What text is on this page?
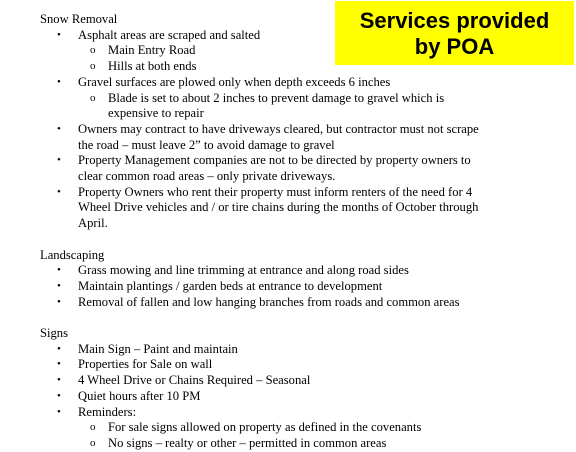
Services provided
by POA
Snow Removal
• Asphalt areas are scraped and salted
o Main Entry Road
o Hills at both ends
• Gravel surfaces are plowed only when depth exceeds 6 inches
o Blade is set to about 2 inches to prevent damage to gravel which is
expensive to repair
• Owners may contract to have driveways cleared, but contractor must not scrape
the road – must leave 2” to avoid damage to gravel
• Property Management companies are not to be directed by property owners to
clear common road areas – only private driveways.
• Property Owners who rent their property must inform renters of the need for 4
Wheel Drive vehicles and / or tire chains during the months of October through
April.
Landscaping
• Grass mowing and line trimming at entrance and along road sides
• Maintain plantings / garden beds at entrance to development
• Removal of fallen and low hanging branches from roads and common areas
Signs
• Main Sign – Paint and maintain
• Properties for Sale on wall
• 4 Wheel Drive or Chains Required – Seasonal
• Quiet hours after 10 PM
• Reminders:
o For sale signs allowed on property as defined in the covenants
o No signs – realty or other – permitted in common areas
